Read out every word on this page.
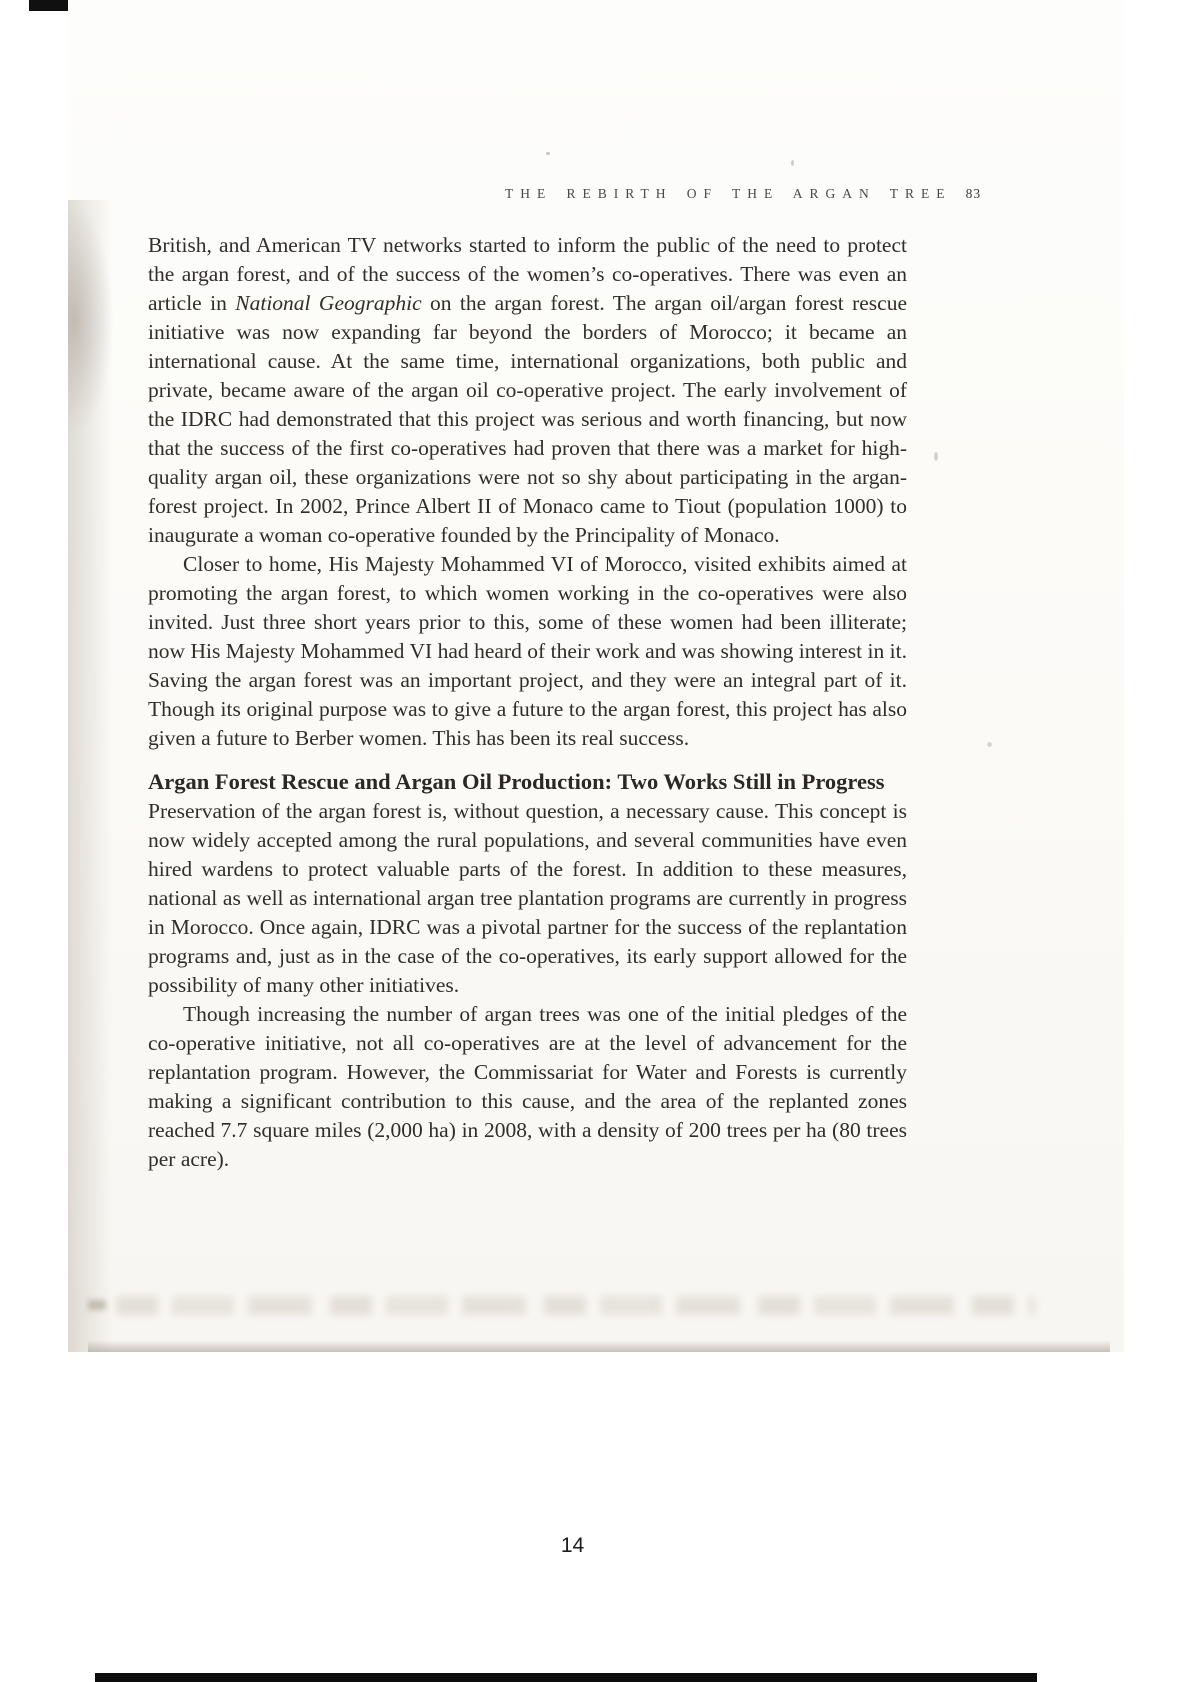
THE REBIRTH OF THE ARGAN TREE 83

British, and American TV networks started to inform the public of the need to protect the argan forest, and of the success of the women’s co-operatives. There was even an article in National Geographic on the argan forest. The argan oil/argan forest rescue initiative was now expanding far beyond the borders of Morocco; it became an international cause. At the same time, international organizations, both public and private, became aware of the argan oil co-operative project. The early involvement of the IDRC had demonstrated that this project was serious and worth financing, but now that the success of the first co-operatives had proven that there was a market for high-quality argan oil, these organizations were not so shy about participating in the argan-forest project. In 2002, Prince Albert II of Monaco came to Tiout (population 1000) to inaugurate a woman co-operative founded by the Principality of Monaco.

Closer to home, His Majesty Mohammed VI of Morocco, visited exhibits aimed at promoting the argan forest, to which women working in the co-operatives were also invited. Just three short years prior to this, some of these women had been illiterate; now His Majesty Mohammed VI had heard of their work and was showing interest in it. Saving the argan forest was an important project, and they were an integral part of it. Though its original purpose was to give a future to the argan forest, this project has also given a future to Berber women. This has been its real success.

Argan Forest Rescue and Argan Oil Production: Two Works Still in Progress

Preservation of the argan forest is, without question, a necessary cause. This concept is now widely accepted among the rural populations, and several communities have even hired wardens to protect valuable parts of the forest. In addition to these measures, national as well as international argan tree plantation programs are currently in progress in Morocco. Once again, IDRC was a pivotal partner for the success of the replantation programs and, just as in the case of the co-operatives, its early support allowed for the possibility of many other initiatives.

Though increasing the number of argan trees was one of the initial pledges of the co-operative initiative, not all co-operatives are at the level of advancement for the replantation program. However, the Commissariat for Water and Forests is currently making a significant contribution to this cause, and the area of the replanted zones reached 7.7 square miles (2,000 ha) in 2008, with a density of 200 trees per ha (80 trees per acre).

14
